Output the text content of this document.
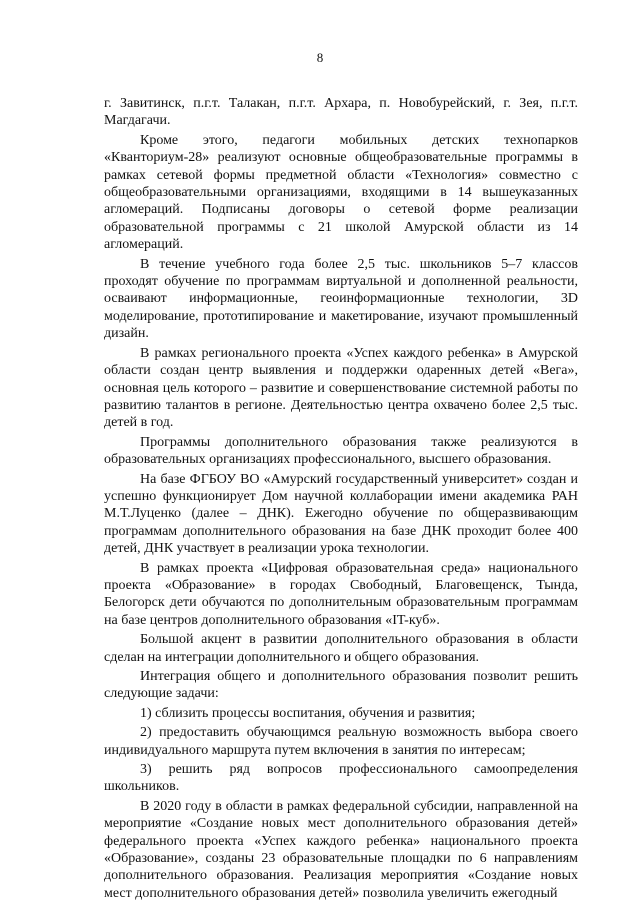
8

г. Завитинск, п.г.т. Талакан, п.г.т. Архара, п. Новобурейский, г. Зея, п.г.т. Магдагачи.

Кроме этого, педагоги мобильных детских технопарков «Кванториум-28» реализуют основные общеобразовательные программы в рамках сетевой формы предметной области «Технология» совместно с общеобразовательными организациями, входящими в 14 вышеуказанных агломераций. Подписаны договоры о сетевой форме реализации образовательной программы с 21 школой Амурской области из 14 агломераций.

В течение учебного года более 2,5 тыс. школьников 5–7 классов проходят обучение по программам виртуальной и дополненной реальности, осваивают информационные, геоинформационные технологии, 3D моделирование, прототипирование и макетирование, изучают промышленный дизайн.

В рамках регионального проекта «Успех каждого ребенка» в Амурской области создан центр выявления и поддержки одаренных детей «Вега», основная цель которого – развитие и совершенствование системной работы по развитию талантов в регионе. Деятельностью центра охвачено более 2,5 тыс. детей в год.

Программы дополнительного образования также реализуются в образовательных организациях профессионального, высшего образования.

На базе ФГБОУ ВО «Амурский государственный университет» создан и успешно функционирует Дом научной коллаборации имени академика РАН М.Т.Луценко (далее – ДНК). Ежегодно обучение по общеразвивающим программам дополнительного образования на базе ДНК проходит более 400 детей, ДНК участвует в реализации урока технологии.

В рамках проекта «Цифровая образовательная среда» национального проекта «Образование» в городах Свободный, Благовещенск, Тында, Белогорск дети обучаются по дополнительным образовательным программам на базе центров дополнительного образования «IT-куб».

Большой акцент в развитии дополнительного образования в области сделан на интеграции дополнительного и общего образования.

Интеграция общего и дополнительного образования позволит решить следующие задачи:

1) сблизить процессы воспитания, обучения и развития;

2) предоставить обучающимся реальную возможность выбора своего индивидуального маршрута путем включения в занятия по интересам;

3) решить ряд вопросов профессионального самоопределения школьников.

В 2020 году в области в рамках федеральной субсидии, направленной на мероприятие «Создание новых мест дополнительного образования детей» федерального проекта «Успех каждого ребенка» национального проекта «Образование», созданы 23 образовательные площадки по 6 направлениям дополнительного образования. Реализация мероприятия «Создание новых мест дополнительного образования детей» позволила увеличить ежегодный
